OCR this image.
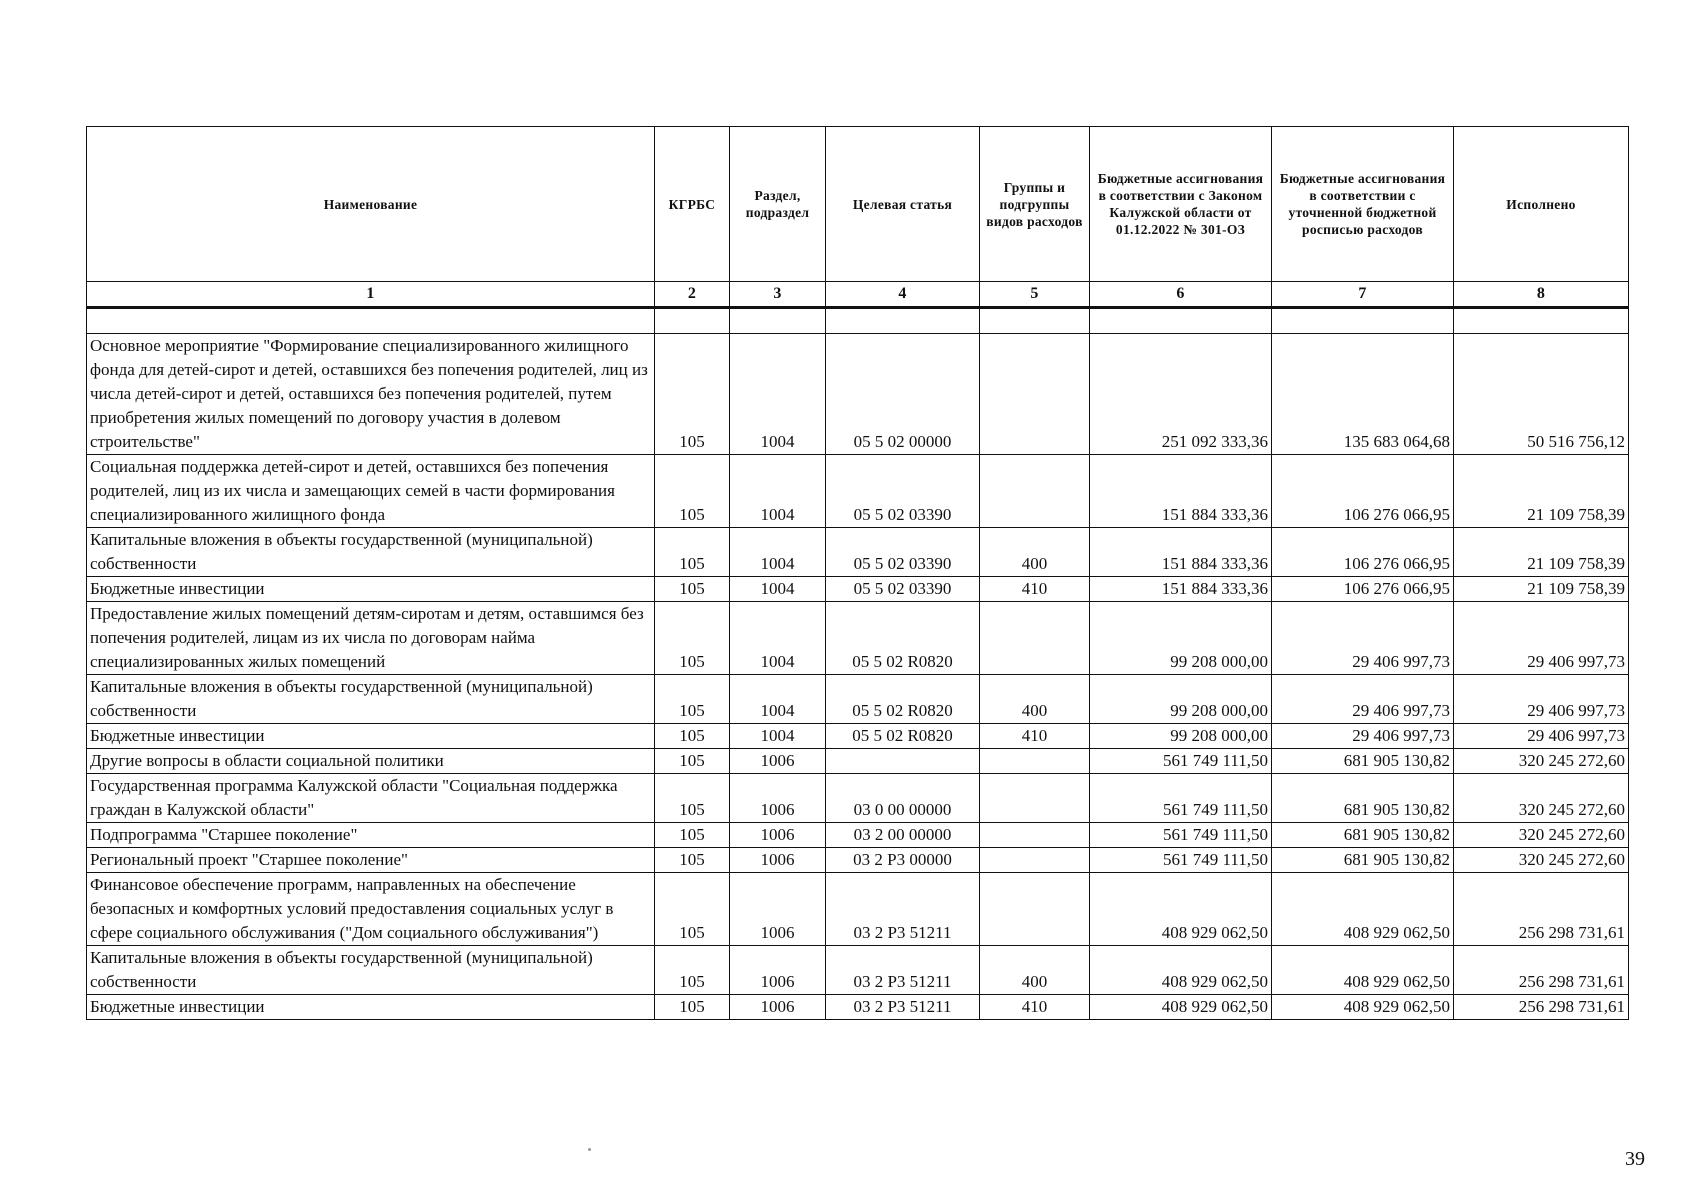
Наименование	КГРБС	Раздел, подраздел	Целевая статья	Группы и подгруппы видов расходов	Бюджетные ассигнования в соответствии с Законом Калужской области от 01.12.2022 № 301-ОЗ	Бюджетные ассигнования в соответствии с уточненной бюджетной росписью расходов	Исполнено
1	2	3	4	5	6	7	8

Основное мероприятие "Формирование специализированного жилищного фонда для детей-сирот и детей, оставшихся без попечения родителей, лиц из числа детей-сирот и детей, оставшихся без попечения родителей, путем приобретения жилых помещений по договору участия в долевом строительстве"	105	1004	05 5 02 00000		251 092 333,36	135 683 064,68	50 516 756,12
Социальная поддержка детей-сирот и детей, оставшихся без попечения родителей, лиц из их числа и замещающих семей в части формирования специализированного жилищного фонда	105	1004	05 5 02 03390		151 884 333,36	106 276 066,95	21 109 758,39
Капитальные вложения в объекты государственной (муниципальной) собственности	105	1004	05 5 02 03390	400	151 884 333,36	106 276 066,95	21 109 758,39
Бюджетные инвестиции	105	1004	05 5 02 03390	410	151 884 333,36	106 276 066,95	21 109 758,39
Предоставление жилых помещений детям-сиротам и детям, оставшимся без попечения родителей, лицам из их числа по договорам найма специализированных жилых помещений	105	1004	05 5 02 R0820		99 208 000,00	29 406 997,73	29 406 997,73
Капитальные вложения в объекты государственной (муниципальной) собственности	105	1004	05 5 02 R0820	400	99 208 000,00	29 406 997,73	29 406 997,73
Бюджетные инвестиции	105	1004	05 5 02 R0820	410	99 208 000,00	29 406 997,73	29 406 997,73
Другие вопросы в области социальной политики	105	1006			561 749 111,50	681 905 130,82	320 245 272,60
Государственная программа Калужской области "Социальная поддержка граждан в Калужской области"	105	1006	03 0 00 00000		561 749 111,50	681 905 130,82	320 245 272,60
Подпрограмма "Старшее поколение"	105	1006	03 2 00 00000		561 749 111,50	681 905 130,82	320 245 272,60
Региональный проект "Старшее поколение"	105	1006	03 2 P3 00000		561 749 111,50	681 905 130,82	320 245 272,60
Финансовое обеспечение программ, направленных на обеспечение безопасных и комфортных условий предоставления социальных услуг в сфере социального обслуживания ("Дом социального обслуживания")	105	1006	03 2 P3 51211		408 929 062,50	408 929 062,50	256 298 731,61
Капитальные вложения в объекты государственной (муниципальной) собственности	105	1006	03 2 P3 51211	400	408 929 062,50	408 929 062,50	256 298 731,61
Бюджетные инвестиции	105	1006	03 2 P3 51211	410	408 929 062,50	408 929 062,50	256 298 731,61
39
